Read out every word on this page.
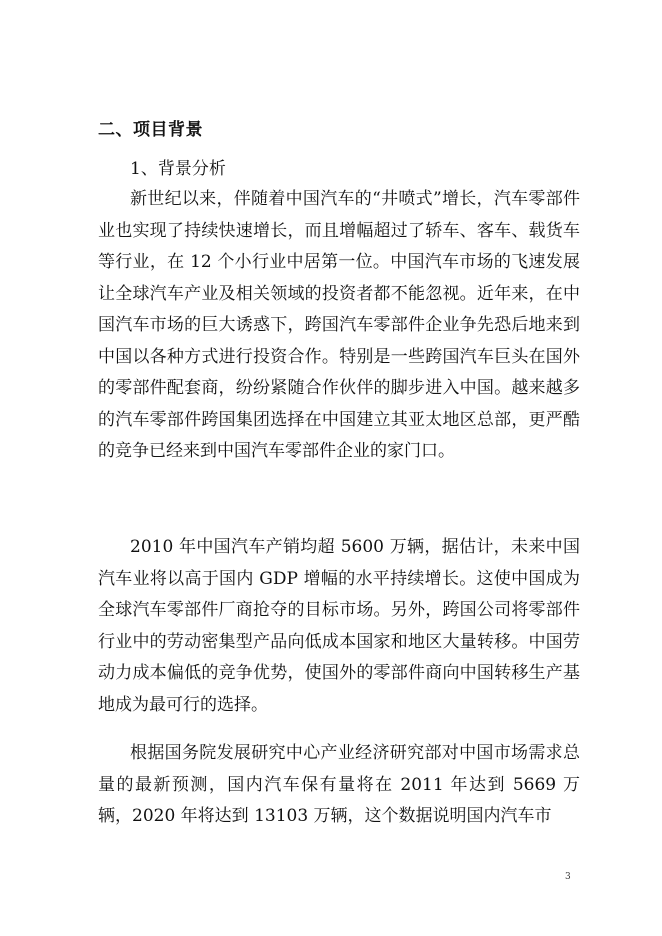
二、项目背景
1、背景分析

新世纪以来，伴随着中国汽车的“井喷式”增长，汽车零部件业也实现了持续快速增长，而且增幅超过了轿车、客车、载货车等行业，在 12 个小行业中居第一位。中国汽车市场的飞速发展让全球汽车产业及相关领域的投资者都不能忽视。近年来，在中国汽车市场的巨大诱惑下，跨国汽车零部件企业争先恐后地来到中国以各种方式进行投资合作。特别是一些跨国汽车巨头在国外的零部件配套商，纷纷紧随合作伙伴的脚步进入中国。越来越多的汽车零部件跨国集团选择在中国建立其亚太地区总部，更严酷的竞争已经来到中国汽车零部件企业的家门口。

2010 年中国汽车产销均超 5600 万辆，据估计，未来中国汽车业将以高于国内 GDP 增幅的水平持续增长。这使中国成为全球汽车零部件厂商抢夺的目标市场。另外，跨国公司将零部件行业中的劳动密集型产品向低成本国家和地区大量转移。中国劳动力成本偏低的竞争优势，使国外的零部件商向中国转移生产基地成为最可行的选择。

根据国务院发展研究中心产业经济研究部对中国市场需求总量的最新预测，国内汽车保有量将在 2011 年达到 5669 万辆，2020 年将达到 13103 万辆，这个数据说明国内汽车市

3
